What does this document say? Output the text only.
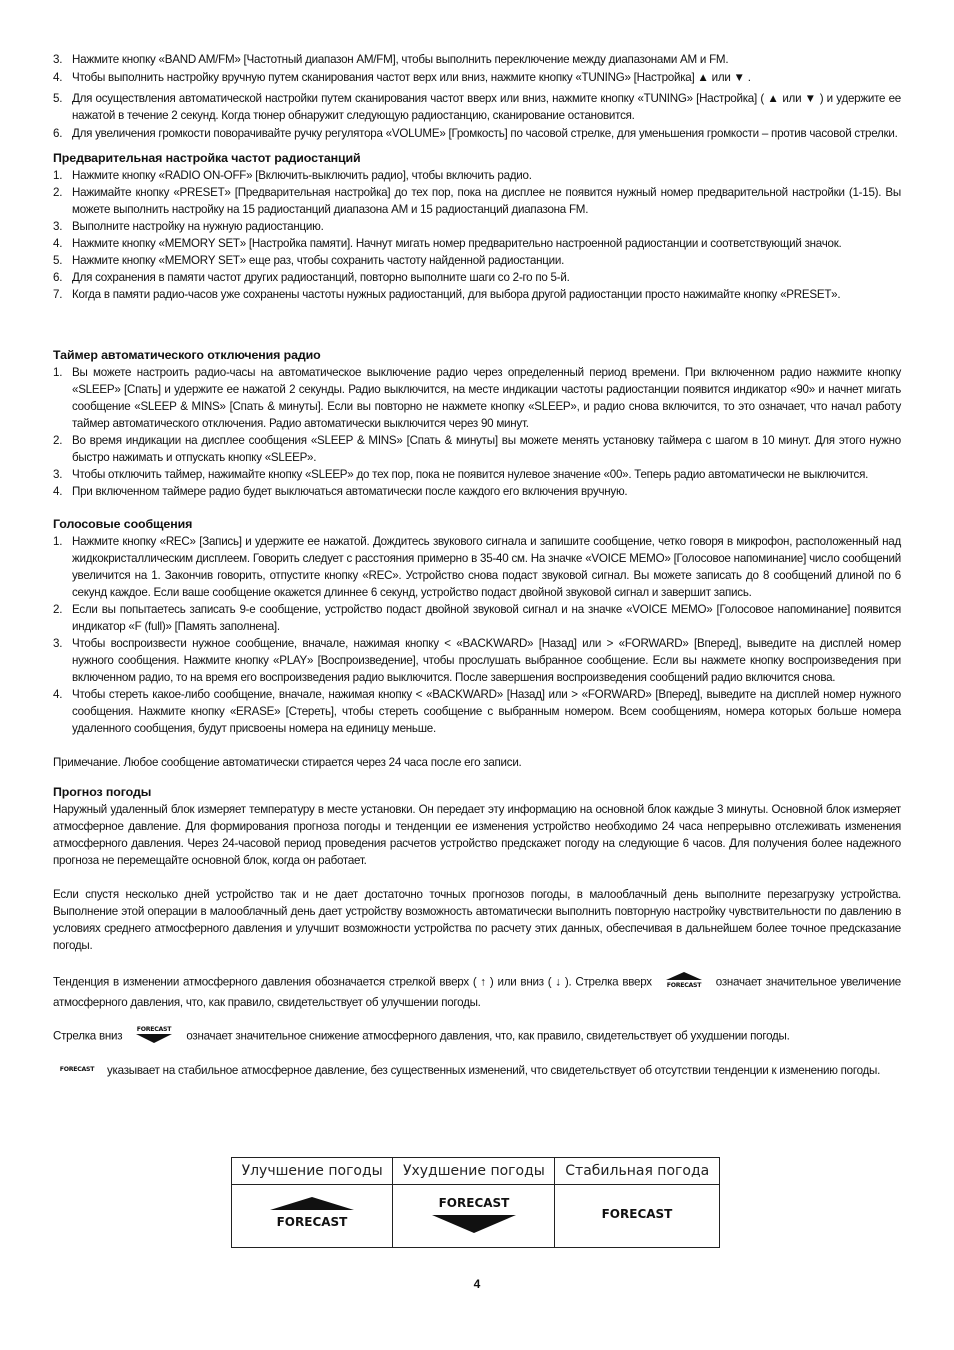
3. Нажмите кнопку «BAND AM/FM» [Частотный диапазон AM/FM], чтобы выполнить переключение между диапазонами AM и FM.
4. Чтобы выполнить настройку вручную путем сканирования частот верх или вниз, нажмите кнопку «TUNING» [Настройка] ▲ или ▼ .
5. Для осуществления автоматической настройки путем сканирования частот вверх или вниз, нажмите кнопку «TUNING» [Настройка] ( ▲ или ▼ ) и удержите ее нажатой в течение 2 секунд. Когда тюнер обнаружит следующую радиостанцию, сканирование остановится.
6. Для увеличения громкости поворачивайте ручку регулятора «VOLUME» [Громкость] по часовой стрелке, для уменьшения громкости – против часовой стрелки.
Предварительная настройка частот радиостанций
1. Нажмите кнопку «RADIO ON-OFF» [Включить-выключить радио], чтобы включить радио.
2. Нажимайте кнопку «PRESET» [Предварительная настройка] до тех пор, пока на дисплее не появится нужный номер предварительной настройки (1-15). Вы можете выполнить настройку на 15 радиостанций диапазона AM и 15 радиостанций диапазона FM.
3. Выполните настройку на нужную радиостанцию.
4. Нажмите кнопку «MEMORY SET» [Настройка памяти]. Начнут мигать номер предварительно настроенной радиостанции и соответствующий значок.
5. Нажмите кнопку «MEMORY SET» еще раз, чтобы сохранить частоту найденной радиостанции.
6. Для сохранения в памяти частот других радиостанций, повторно выполните шаги со 2-го по 5-й.
7. Когда в памяти радио-часов уже сохранены частоты нужных радиостанций, для выбора другой радиостанции просто нажимайте кнопку «PRESET».
Таймер автоматического отключения радио
1. Вы можете настроить радио-часы на автоматическое выключение радио через определенный период времени. При включенном радио нажмите кнопку «SLEEP» [Спать] и удержите ее нажатой 2 секунды. Радио выключится, на месте индикации частоты радиостанции появится индикатор «90» и начнет мигать сообщение «SLEEP & MINS» [Спать & минуты]. Если вы повторно не нажмете кнопку «SLEEP», и радио снова включится, то это означает, что начал работу таймер автоматического отключения. Радио автоматически выключится через 90 минут.
2. Во время индикации на дисплее сообщения «SLEEP & MINS» [Спать & минуты] вы можете менять установку таймера с шагом в 10 минут. Для этого нужно быстро нажимать и отпускать кнопку «SLEEP».
3. Чтобы отключить таймер, нажимайте кнопку «SLEEP» до тех пор, пока не появится нулевое значение «00». Теперь радио автоматически не выключится.
4. При включенном таймере радио будет выключаться автоматически после каждого его включения вручную.
Голосовые сообщения
1. Нажмите кнопку «REC» [Запись] и удержите ее нажатой. Дождитесь звукового сигнала и запишите сообщение, четко говоря в микрофон, расположенный над жидкокристаллическим дисплеем. Говорить следует с расстояния примерно в 35-40 см. На значке «VOICE MEMO» [Голосовое напоминание] число сообщений увеличится на 1. Закончив говорить, отпустите кнопку «REC». Устройство снова подаст звуковой сигнал. Вы можете записать до 8 сообщений длиной по 6 секунд каждое. Если ваше сообщение окажется длиннее 6 секунд, устройство подаст двойной звуковой сигнал и завершит запись.
2. Если вы попытаетесь записать 9-е сообщение, устройство подаст двойной звуковой сигнал и на значке «VOICE MEMO» [Голосовое напоминание] появится индикатор «F (full)» [Память заполнена].
3. Чтобы воспроизвести нужное сообщение, вначале, нажимая кнопку < «BACKWARD» [Назад] или > «FORWARD» [Вперед], выведите на дисплей номер нужного сообщения. Нажмите кнопку «PLAY» [Воспроизведение], чтобы прослушать выбранное сообщение. Если вы нажмете кнопку воспроизведения при включенном радио, то на время его воспроизведения радио выключится. После завершения воспроизведения сообщений радио включится снова.
4. Чтобы стереть какое-либо сообщение, вначале, нажимая кнопку < «BACKWARD» [Назад] или > «FORWARD» [Вперед], выведите на дисплей номер нужного сообщения. Нажмите кнопку «ERASE» [Стереть], чтобы стереть сообщение с выбранным номером. Всем сообщениям, номера которых больше номера удаленного сообщения, будут присвоены номера на единицу меньше.

Примечание. Любое сообщение автоматически стирается через 24 часа после его записи.

Прогноз погоды

Наружный удаленный блок измеряет температуру в месте установки. Он передает эту информацию на основной блок каждые 3 минуты. Основной блок измеряет атмосферное давление. Для формирования прогноза погоды и тенденции ее изменения устройство необходимо 24 часа непрерывно отслеживать изменения атмосферного давления. Через 24-часовой период проведения расчетов устройство предскажет погоду на следующие 6 часов. Для получения более надежного прогноза не перемещайте основной блок, когда он работает.

Если спустя несколько дней устройство так и не дает достаточно точных прогнозов погоды, в малооблачный день выполните перезагрузку устройства. Выполнение этой операции в малооблачный день дает устройству возможность автоматически выполнить повторную настройку чувствительности по давлению в условиях среднего атмосферного давления и улучшит возможности устройства по расчету этих данных, обеспечивая в дальнейшем более точное предсказание погоды.

Тенденция в изменении атмосферного давления обозначается стрелкой вверх ( ↑ ) или вниз ( ↓ ). Стрелка вверх FORECAST означает значительное увеличение атмосферного давления, что, как правило, свидетельствует об улучшении погоды.

Стрелка вниз
FORECAST
означает значительное снижение атмосферного давления, что, как правило, свидетельствует об ухудшении погоды.

FORECAST указывает на стабильное атмосферное давление, без существенных изменений, что свидетельствует об отсутствии тенденции к изменению погоды.

Улучшение погоды	Ухудшение погоды	Стабильная погода

FORECAST	FORECAST	FORECAST
4
